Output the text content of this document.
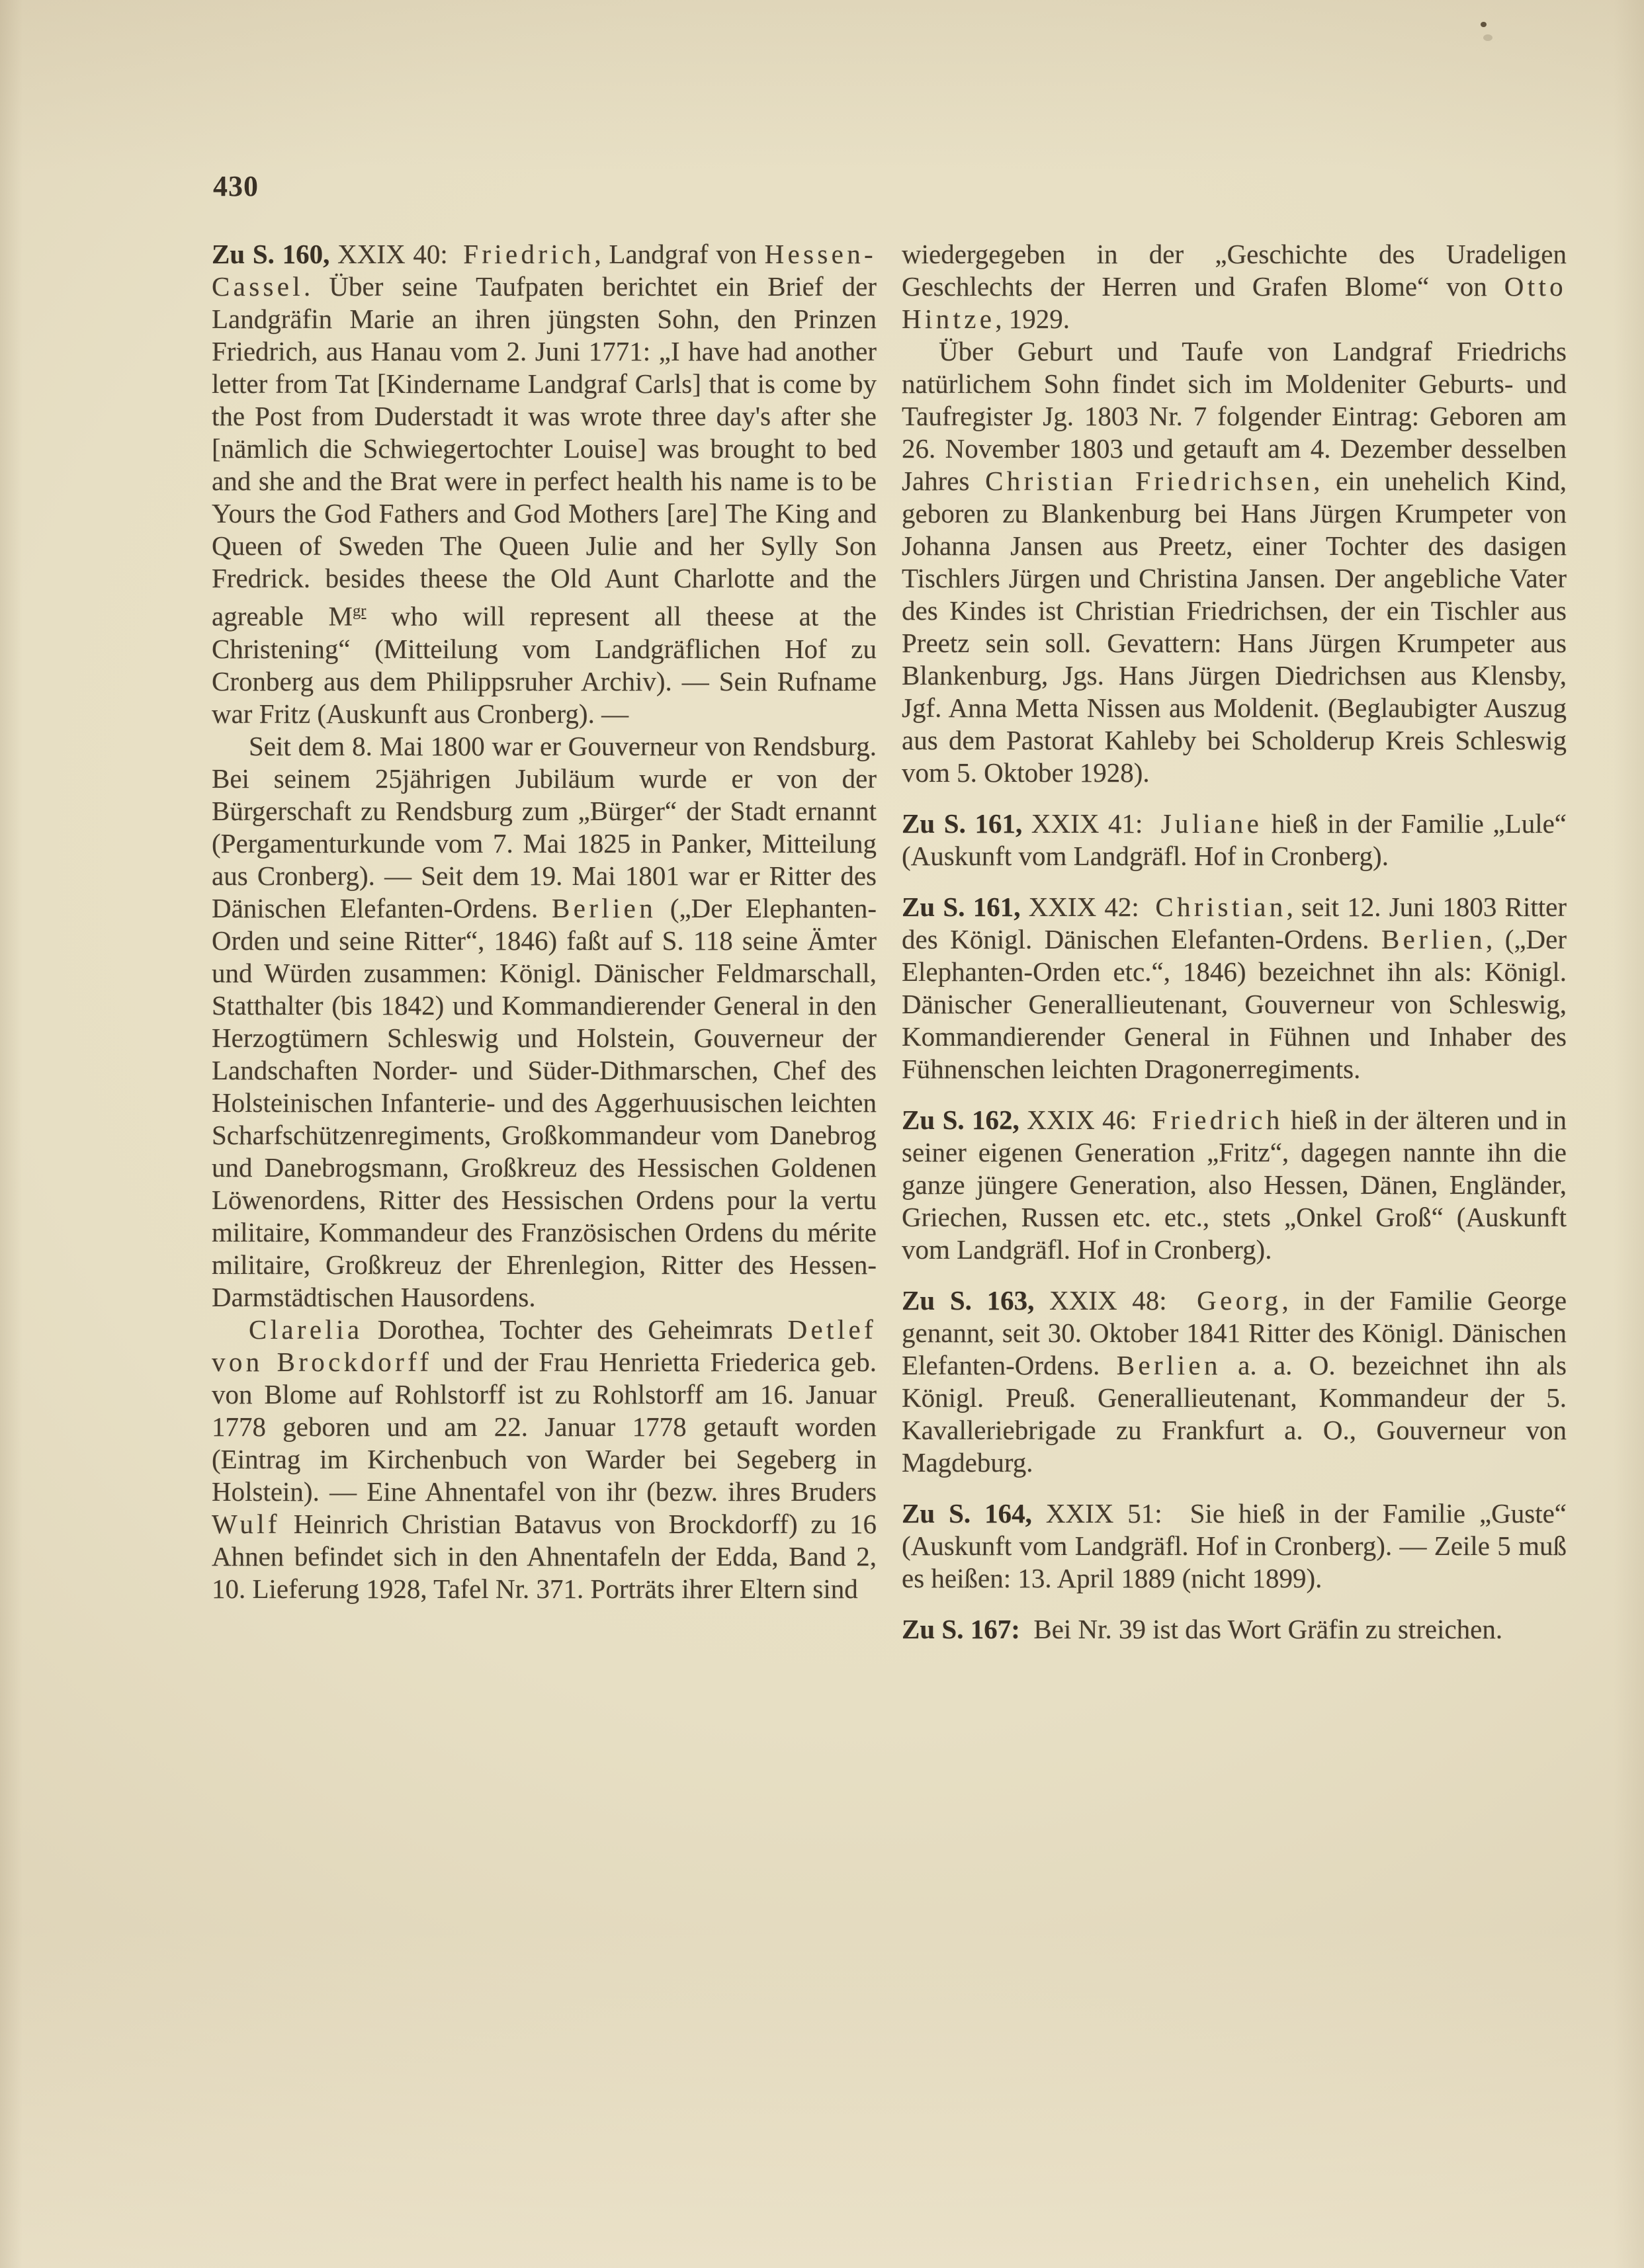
430

Zu S. 160, XXIX 40:  Friedrich, Landgraf von Hessen-Cassel. Über seine Taufpaten berichtet ein Brief der Landgräfin Marie an ihren jüngsten Sohn, den Prinzen Friedrich, aus Hanau vom 2. Juni 1771: „I have had another letter from Tat [Kindername Landgraf Carls] that is come by the Post from Duderstadt it was wrote three day's after she [nämlich die Schwiegertochter Louise] was brought to bed and she and the Brat were in perfect health his name is to be Yours the God Fathers and God Mothers [are] The King and Queen of Sweden The Queen Julie and her Sylly Son Fredrick. besides theese the Old Aunt Charlotte and the agreable $M^{gr}$ who will represent all theese at the Christening“ (Mitteilung vom Landgräflichen Hof zu Cronberg aus dem Philippsruher Archiv). — Sein Rufname war Fritz (Auskunft aus Cronberg). —

Seit dem 8. Mai 1800 war er Gouverneur von Rendsburg. Bei seinem 25jährigen Jubiläum wurde er von der Bürgerschaft zu Rendsburg zum „Bürger“ der Stadt ernannt (Pergamenturkunde vom 7. Mai 1825 in Panker, Mitteilung aus Cronberg). — Seit dem 19. Mai 1801 war er Ritter des Dänischen Elefanten-Ordens. Berlien („Der Elephanten-Orden und seine Ritter“, 1846) faßt auf S. 118 seine Ämter und Würden zusammen: Königl. Dänischer Feldmarschall, Statthalter (bis 1842) und Kommandierender General in den Herzogtümern Schleswig und Holstein, Gouverneur der Landschaften Norder- und Süder-Dithmarschen, Chef des Holsteinischen Infanterie- und des Aggerhuusischen leichten Scharfschützenregiments, Großkommandeur vom Danebrog und Danebrogsmann, Großkreuz des Hessischen Goldenen Löwenordens, Ritter des Hessischen Ordens pour la vertu militaire, Kommandeur des Französischen Ordens du mérite militaire, Großkreuz der Ehrenlegion, Ritter des Hessen-Darmstädtischen Hausordens.

Clarelia Dorothea, Tochter des Geheimrats Detlef von Brockdorff und der Frau Henrietta Friederica geb. von Blome auf Rohlstorff ist zu Rohlstorff am 16. Januar 1778 geboren und am 22. Januar 1778 getauft worden (Eintrag im Kirchenbuch von Warder bei Segeberg in Holstein). — Eine Ahnentafel von ihr (bezw. ihres Bruders Wulf Heinrich Christian Batavus von Brockdorff) zu 16 Ahnen befindet sich in den Ahnentafeln der Edda, Band 2, 10. Lieferung 1928, Tafel Nr. 371. Porträts ihrer Eltern sind

wiedergegeben in der „Geschichte des Uradeligen Geschlechts der Herren und Grafen Blome“ von Otto Hintze, 1929.

Über Geburt und Taufe von Landgraf Friedrichs natürlichem Sohn findet sich im Moldeniter Geburts- und Taufregister Jg. 1803 Nr. 7 folgender Eintrag: Geboren am 26. November 1803 und getauft am 4. Dezember desselben Jahres Christian Friedrichsen, ein unehelich Kind, geboren zu Blankenburg bei Hans Jürgen Krumpeter von Johanna Jansen aus Preetz, einer Tochter des dasigen Tischlers Jürgen und Christina Jansen. Der angebliche Vater des Kindes ist Christian Friedrichsen, der ein Tischler aus Preetz sein soll. Gevattern: Hans Jürgen Krumpeter aus Blankenburg, Jgs. Hans Jürgen Diedrichsen aus Klensby, Jgf. Anna Metta Nissen aus Moldenit. (Beglaubigter Auszug aus dem Pastorat Kahleby bei Scholderup Kreis Schleswig vom 5. Oktober 1928).

Zu S. 161, XXIX 41:  Juliane hieß in der Familie „Lule“ (Auskunft vom Landgräfl. Hof in Cronberg).

Zu S. 161, XXIX 42:  Christian, seit 12. Juni 1803 Ritter des Königl. Dänischen Elefanten-Ordens. Berlien, („Der Elephanten-Orden etc.“, 1846) bezeichnet ihn als: Königl. Dänischer Generallieutenant, Gouverneur von Schleswig, Kommandierender General in Fühnen und Inhaber des Fühnenschen leichten Dragonerregiments.

Zu S. 162, XXIX 46:  Friedrich hieß in der älteren und in seiner eigenen Generation „Fritz“, dagegen nannte ihn die ganze jüngere Generation, also Hessen, Dänen, Engländer, Griechen, Russen etc. etc., stets „Onkel Groß“ (Auskunft vom Landgräfl. Hof in Cronberg).

Zu S. 163, XXIX 48:  Georg, in der Familie George genannt, seit 30. Oktober 1841 Ritter des Königl. Dänischen Elefanten-Ordens. Berlien a. a. O. bezeichnet ihn als Königl. Preuß. Generallieutenant, Kommandeur der 5. Kavalleriebrigade zu Frankfurt a. O., Gouverneur von Magdeburg.

Zu S. 164, XXIX 51:  Sie hieß in der Familie „Guste“ (Auskunft vom Landgräfl. Hof in Cronberg). — Zeile 5 muß es heißen: 13. April 1889 (nicht 1899).

Zu S. 167:  Bei Nr. 39 ist das Wort Gräfin zu streichen.
